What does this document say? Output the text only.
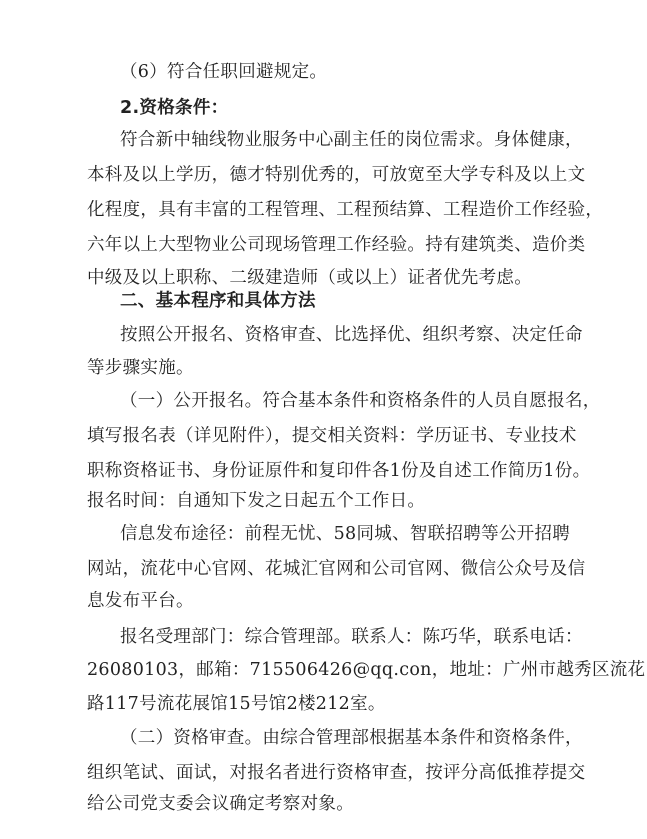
（6）符合任职回避规定。
2.资格条件：
符合新中轴线物业服务中心副主任的岗位需求。身体健康，
本科及以上学历，德才特别优秀的，可放宽至大学专科及以上文
化程度，具有丰富的工程管理、工程预结算、工程造价工作经验，
六年以上大型物业公司现场管理工作经验。持有建筑类、造价类
中级及以上职称、二级建造师（或以上）证者优先考虑。
二、基本程序和具体方法
按照公开报名、资格审查、比选择优、组织考察、决定任命
等步骤实施。
（一）公开报名。符合基本条件和资格条件的人员自愿报名，
填写报名表（详见附件），提交相关资料：学历证书、专业技术
职称资格证书、身份证原件和复印件各1份及自述工作简历1份。
报名时间：自通知下发之日起五个工作日。
信息发布途径：前程无忧、58同城、智联招聘等公开招聘
网站，流花中心官网、花城汇官网和公司官网、微信公众号及信
息发布平台。
报名受理部门：综合管理部。联系人：陈巧华，联系电话：
26080103，邮箱：715506426@qq.con，地址：广州市越秀区流花
路117号流花展馆15号馆2楼212室。
（二）资格审查。由综合管理部根据基本条件和资格条件，
组织笔试、面试，对报名者进行资格审查，按评分高低推荐提交
给公司党支委会议确定考察对象。
